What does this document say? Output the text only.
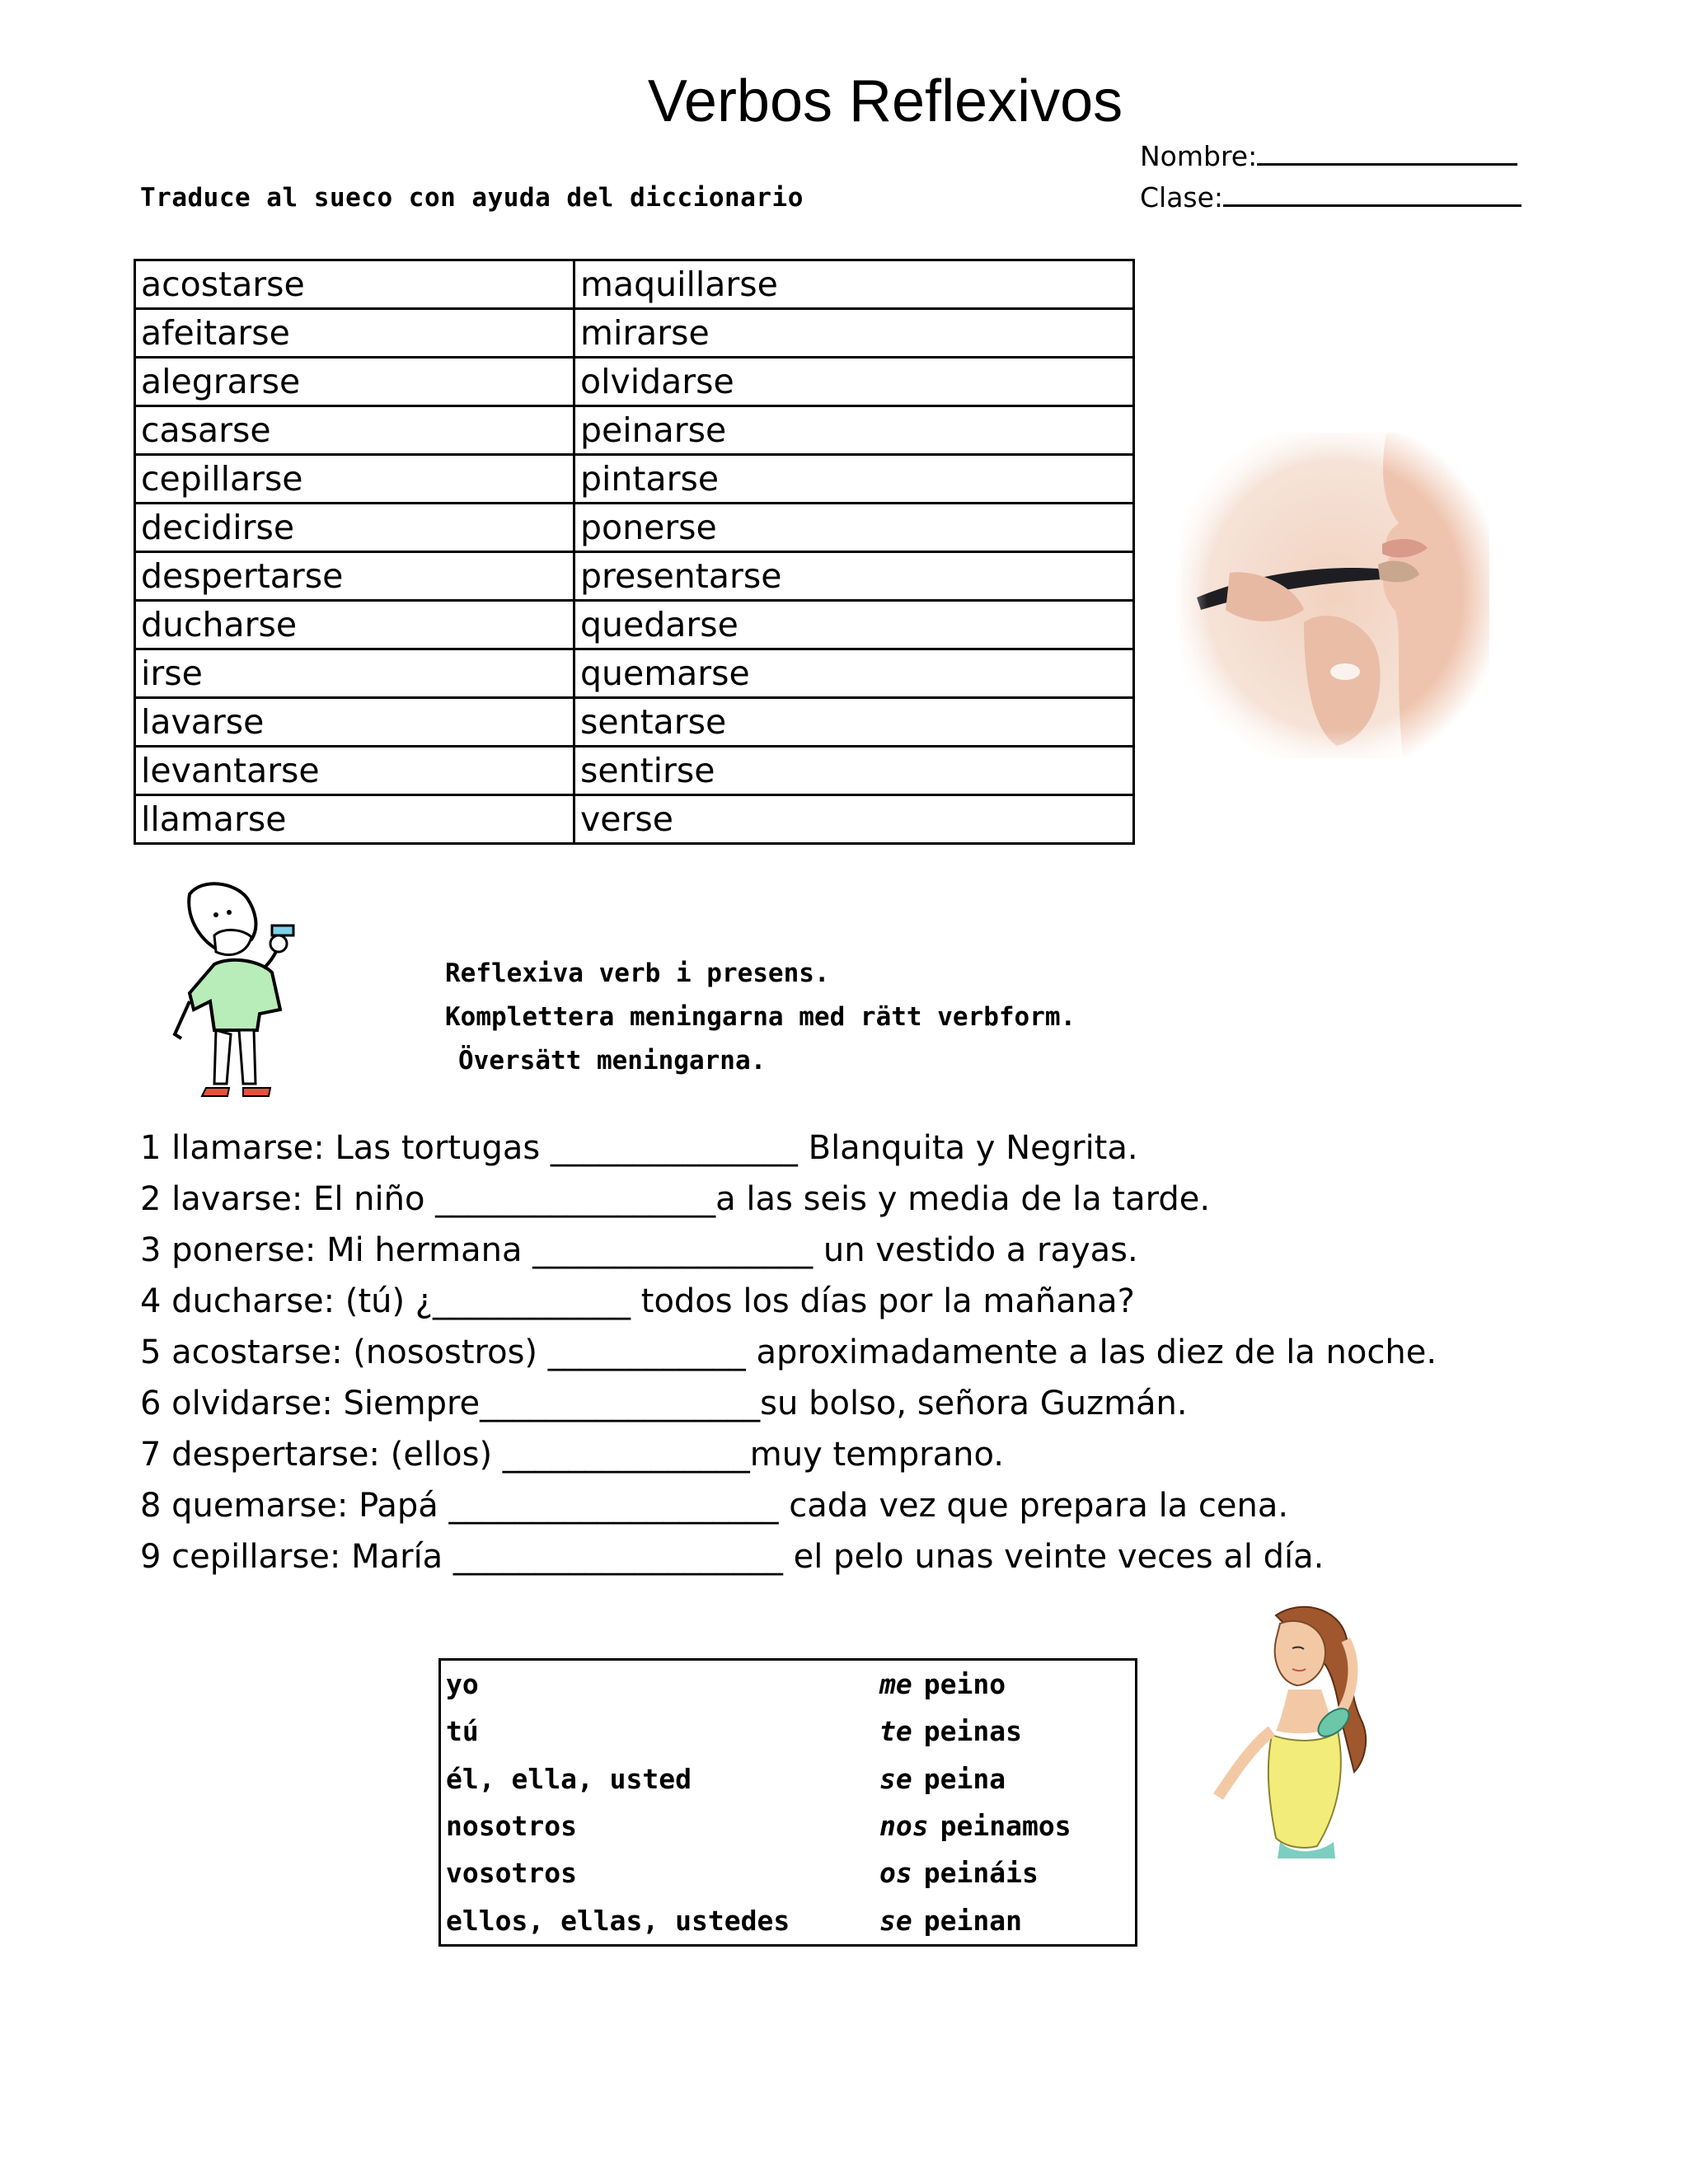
Verbos Reflexivos
Traduce al sueco con ayuda del diccionario
Nombre:
Clase:
acostarse	maquillarse
afeitarse	mirarse
alegrarse	olvidarse
casarse	peinarse
cepillarse	pintarse
decidirse	ponerse
despertarse	presentarse
ducharse	quedarse
irse	quemarse
lavarse	sentarse
levantarse	sentirse
llamarse	verse
Reflexiva verb i presens.
Komplettera meningarna med rätt verbform.
Översätt meningarna.
1 llamarse: Las tortugas _______________ Blanquita y Negrita.
2 lavarse: El niño _________________a las seis y media de la tarde.
3 ponerse: Mi hermana _________________ un vestido a rayas.
4 ducharse: (tú) ¿____________ todos los días por la mañana?
5 acostarse: (nosostros) ____________ aproximadamente a las diez de la noche.
6 olvidarse: Siempre_________________su bolso, señora Guzmán.
7 despertarse: (ellos) _______________muy temprano.
8 quemarse: Papá ____________________ cada vez que prepara la cena.
9 cepillarse: María ____________________ el pelo unas veinte veces al día.
yo	me peino
tú	te peinas
él, ella, usted	se peina
nosotros	nos peinamos
vosotros	os peináis
ellos, ellas, ustedes	se peinan
